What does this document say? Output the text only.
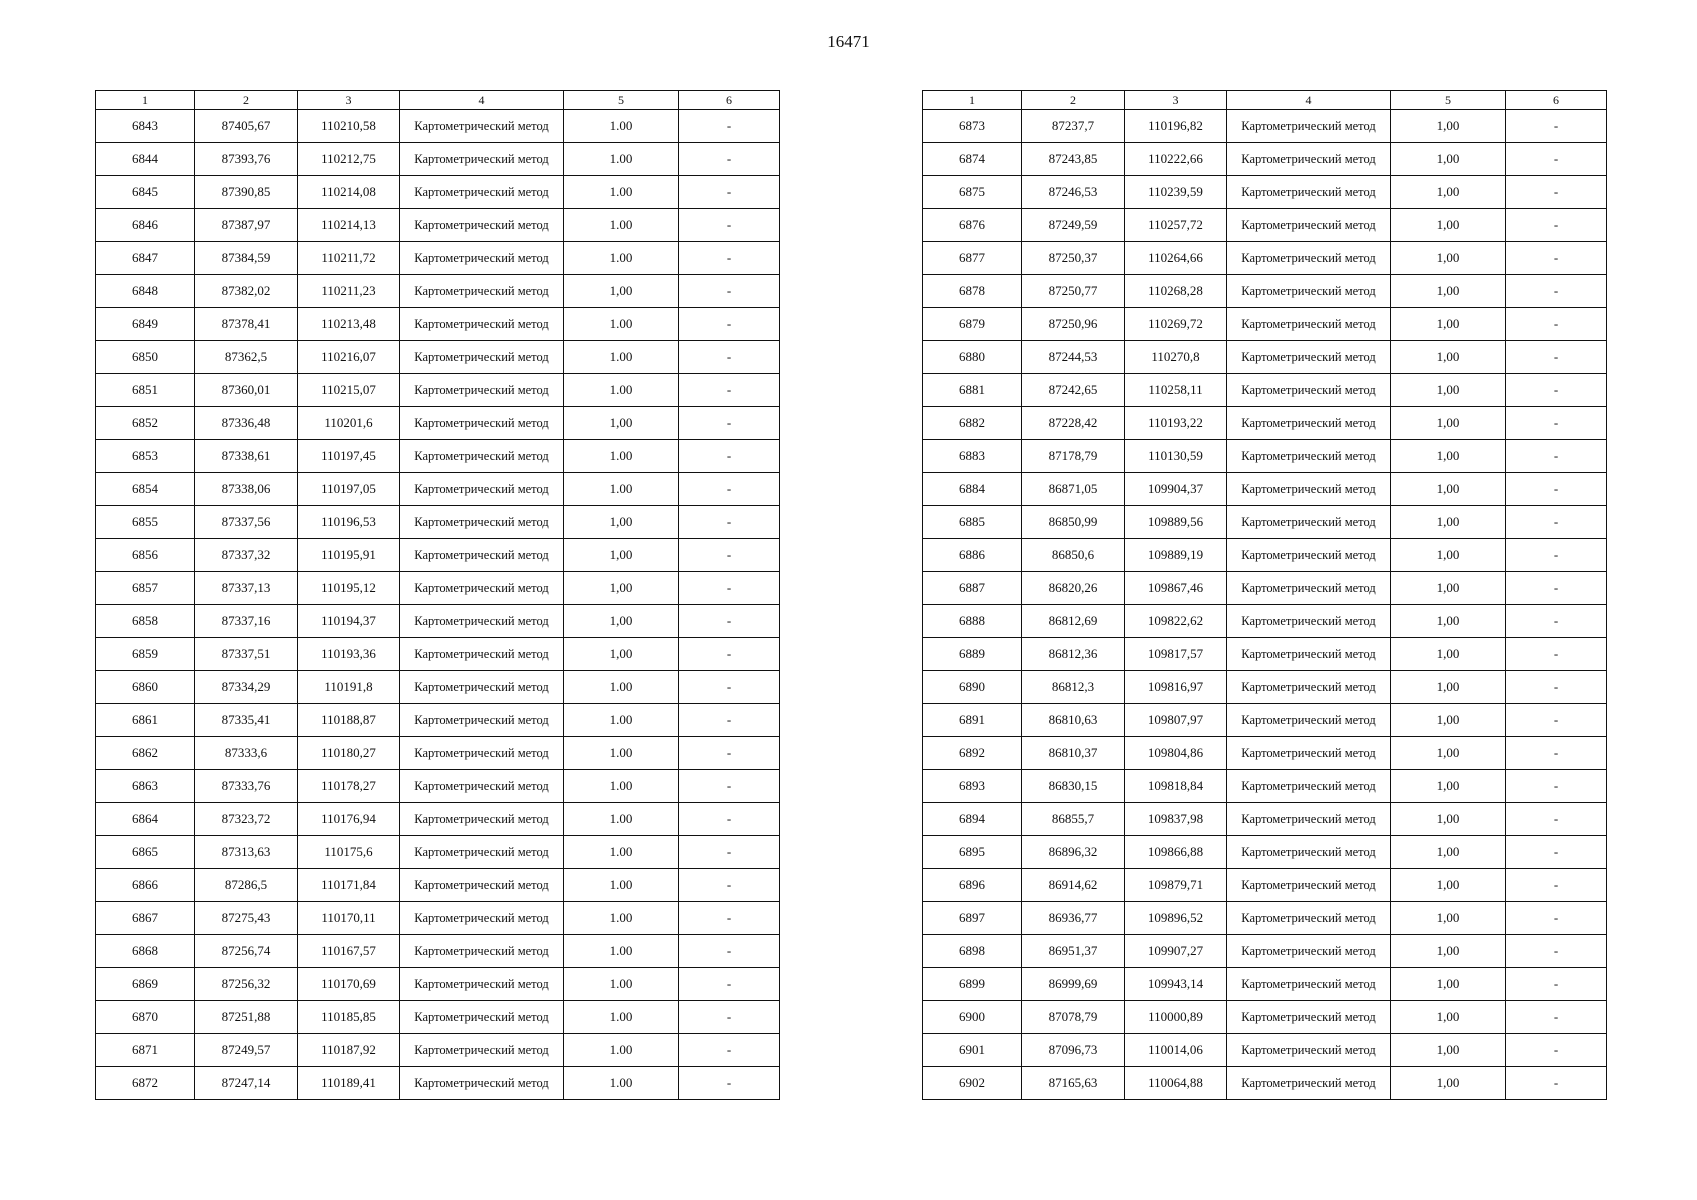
16471
1	2	3	4	5	6
6843	87405,67	110210,58	Картометрический метод	1.00	-
6844	87393,76	110212,75	Картометрический метод	1.00	-
6845	87390,85	110214,08	Картометрический метод	1.00	-
6846	87387,97	110214,13	Картометрический метод	1.00	-
6847	87384,59	110211,72	Картометрический метод	1.00	-
6848	87382,02	110211,23	Картометрический метод	1,00	-
6849	87378,41	110213,48	Картометрический метод	1.00	-
6850	87362,5	110216,07	Картометрический метод	1.00	-
6851	87360,01	110215,07	Картометрический метод	1.00	-
6852	87336,48	110201,6	Картометрический метод	1,00	-
6853	87338,61	110197,45	Картометрический метод	1.00	-
6854	87338,06	110197,05	Картометрический метод	1.00	-
6855	87337,56	110196,53	Картометрический метод	1,00	-
6856	87337,32	110195,91	Картометрический метод	1,00	-
6857	87337,13	110195,12	Картометрический метод	1,00	-
6858	87337,16	110194,37	Картометрический метод	1,00	-
6859	87337,51	110193,36	Картометрический метод	1,00	-
6860	87334,29	110191,8	Картометрический метод	1.00	-
6861	87335,41	110188,87	Картометрический метод	1.00	-
6862	87333,6	110180,27	Картометрический метод	1.00	-
6863	87333,76	110178,27	Картометрический метод	1.00	-
6864	87323,72	110176,94	Картометрический метод	1.00	-
6865	87313,63	110175,6	Картометрический метод	1.00	-
6866	87286,5	110171,84	Картометрический метод	1.00	-
6867	87275,43	110170,11	Картометрический метод	1.00	-
6868	87256,74	110167,57	Картометрический метод	1.00	-
6869	87256,32	110170,69	Картометрический метод	1.00	-
6870	87251,88	110185,85	Картометрический метод	1.00	-
6871	87249,57	110187,92	Картометрический метод	1.00	-
6872	87247,14	110189,41	Картометрический метод	1.00	-
1	2	3	4	5	6
6873	87237,7	110196,82	Картометрический метод	1,00	-
6874	87243,85	110222,66	Картометрический метод	1,00	-
6875	87246,53	110239,59	Картометрический метод	1,00	-
6876	87249,59	110257,72	Картометрический метод	1,00	-
6877	87250,37	110264,66	Картометрический метод	1,00	-
6878	87250,77	110268,28	Картометрический метод	1,00	-
6879	87250,96	110269,72	Картометрический метод	1,00	-
6880	87244,53	110270,8	Картометрический метод	1,00	-
6881	87242,65	110258,11	Картометрический метод	1,00	-
6882	87228,42	110193,22	Картометрический метод	1,00	-
6883	87178,79	110130,59	Картометрический метод	1,00	-
6884	86871,05	109904,37	Картометрический метод	1,00	-
6885	86850,99	109889,56	Картометрический метод	1,00	-
6886	86850,6	109889,19	Картометрический метод	1,00	-
6887	86820,26	109867,46	Картометрический метод	1,00	-
6888	86812,69	109822,62	Картометрический метод	1,00	-
6889	86812,36	109817,57	Картометрический метод	1,00	-
6890	86812,3	109816,97	Картометрический метод	1,00	-
6891	86810,63	109807,97	Картометрический метод	1,00	-
6892	86810,37	109804,86	Картометрический метод	1,00	-
6893	86830,15	109818,84	Картометрический метод	1,00	-
6894	86855,7	109837,98	Картометрический метод	1,00	-
6895	86896,32	109866,88	Картометрический метод	1,00	-
6896	86914,62	109879,71	Картометрический метод	1,00	-
6897	86936,77	109896,52	Картометрический метод	1,00	-
6898	86951,37	109907,27	Картометрический метод	1,00	-
6899	86999,69	109943,14	Картометрический метод	1,00	-
6900	87078,79	110000,89	Картометрический метод	1,00	-
6901	87096,73	110014,06	Картометрический метод	1,00	-
6902	87165,63	110064,88	Картометрический метод	1,00	-
